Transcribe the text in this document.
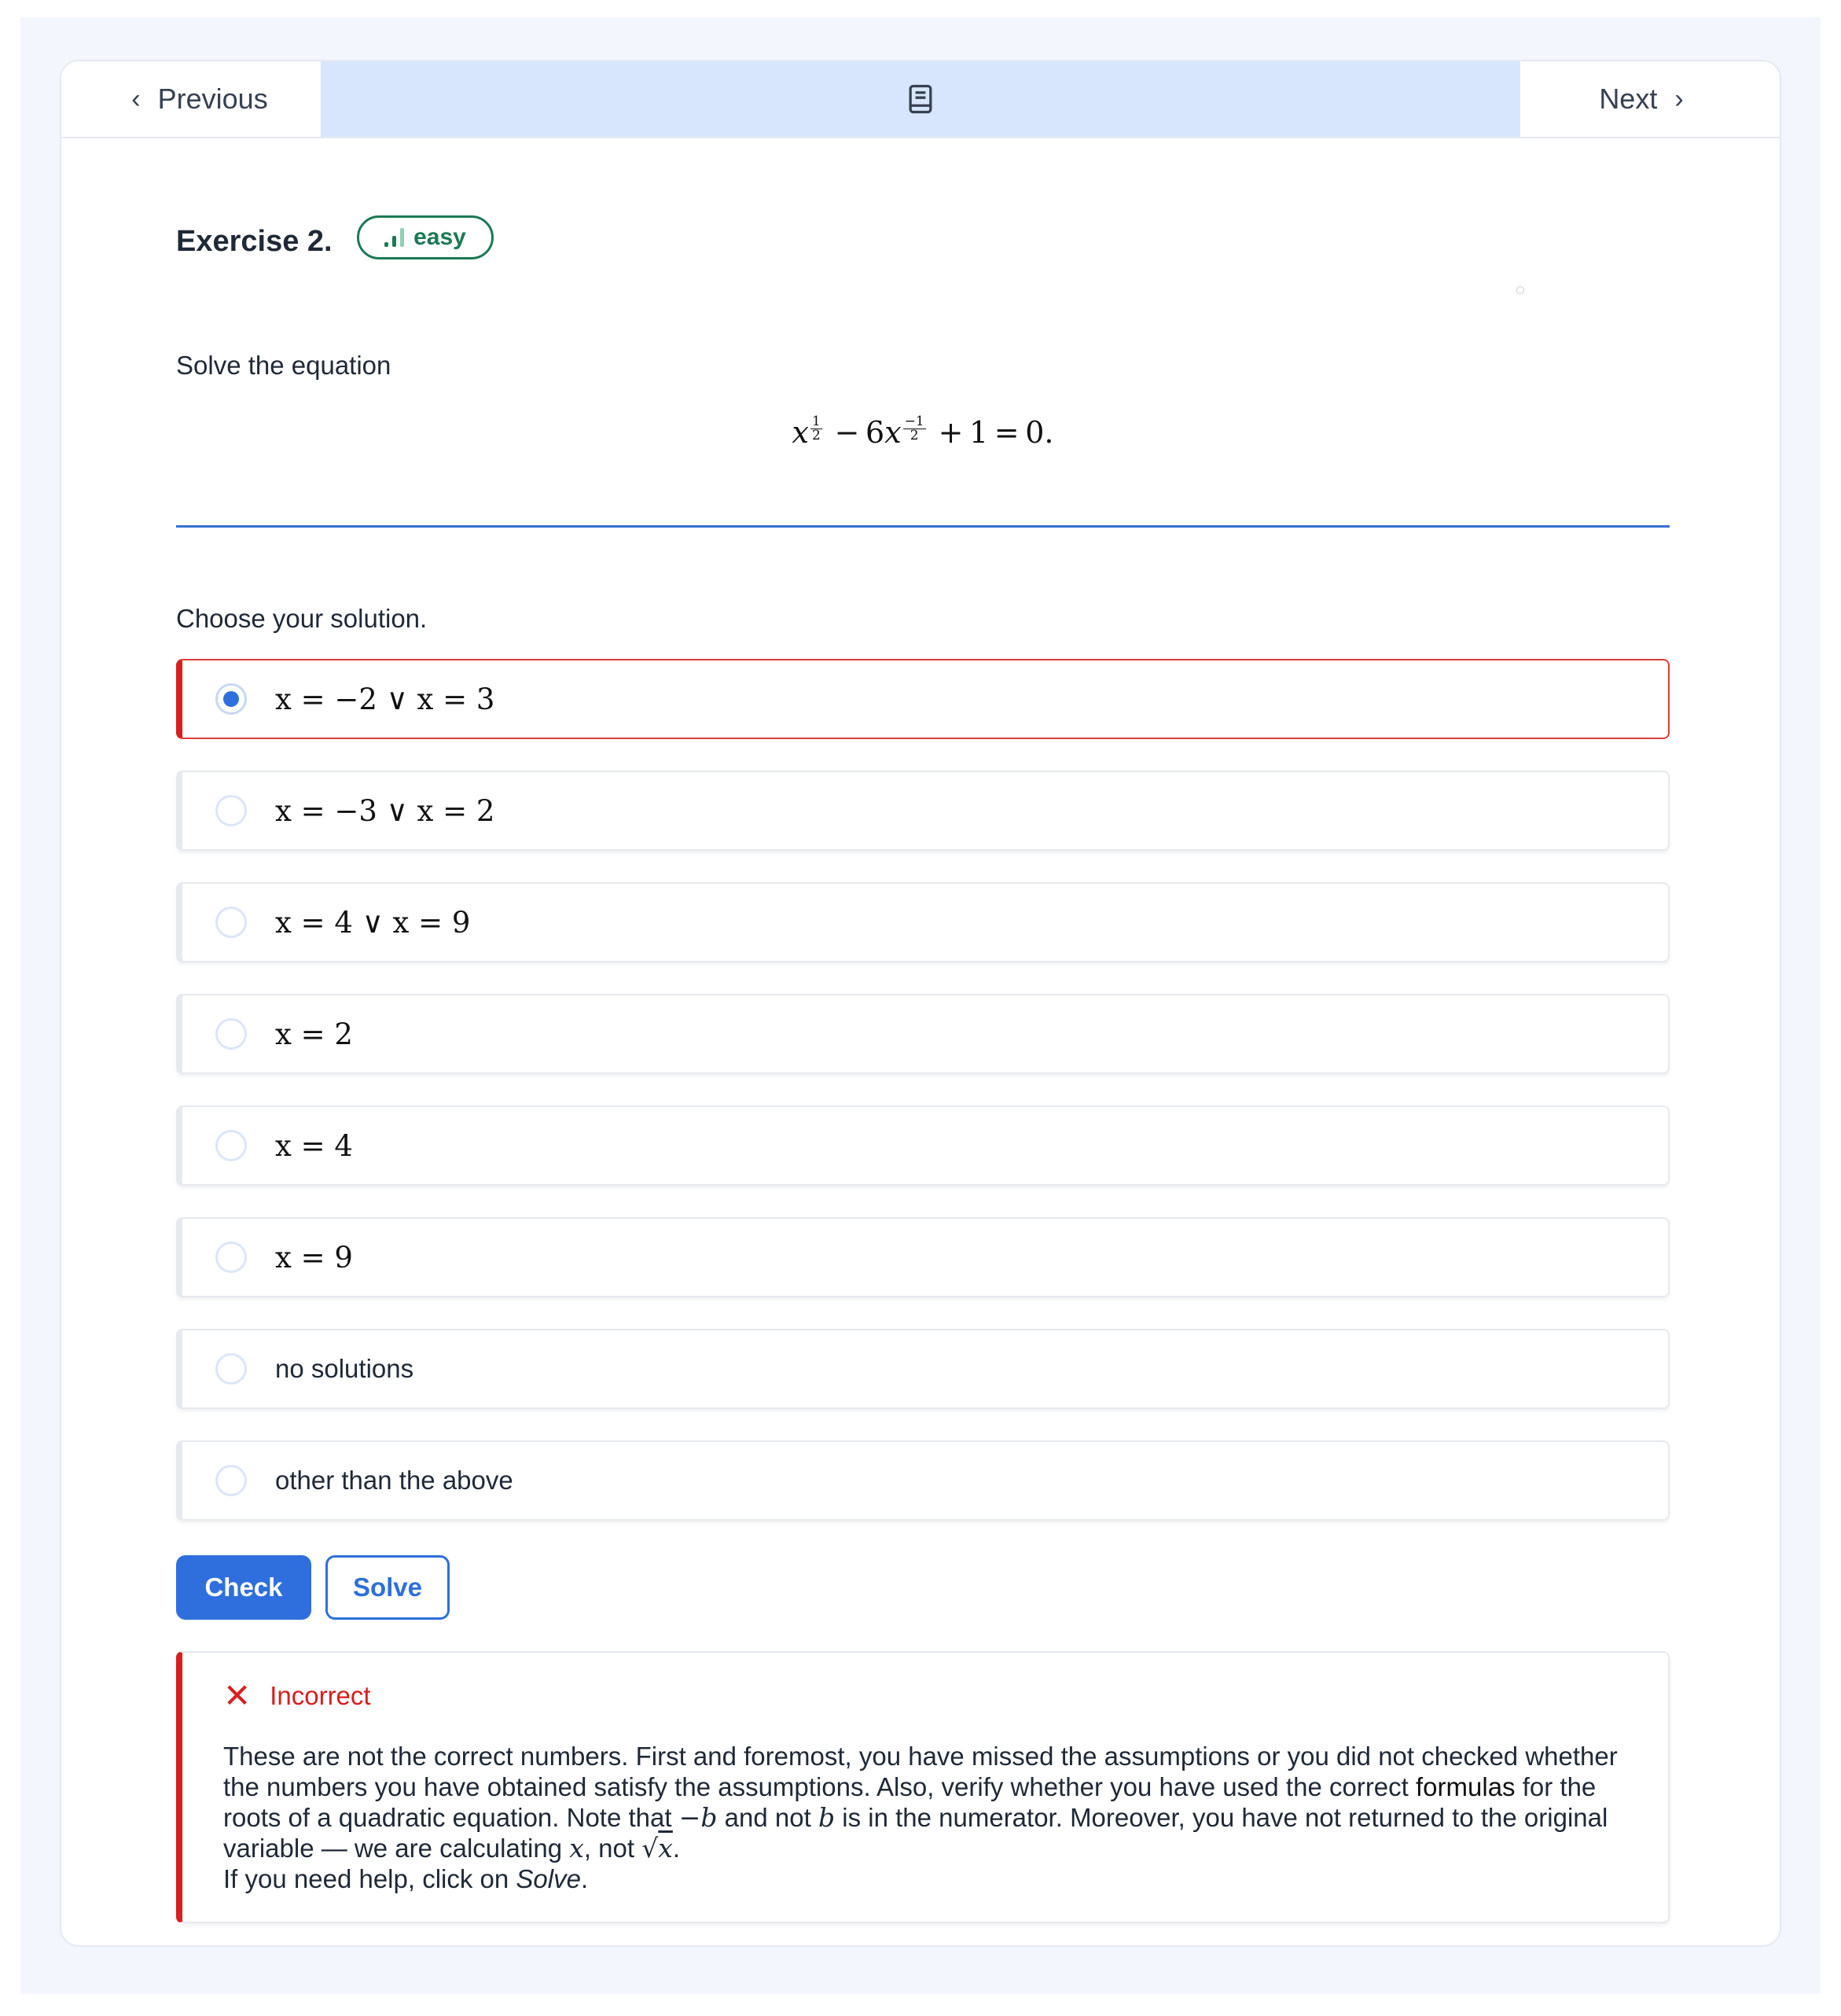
‹ Previous	Next ›
Exercise 2.	easy
Solve the equation
x $\frac{1}{2}$  − $6x \frac{-1}{2}$  + 1 = 0.
Choose your solution.
x = −2 ∨ x = 3
x = −3 ∨ x = 2
x = 4 ∨ x = 9
x = 2
x = 4
x = 9
no solutions
other than the above
Check	Solve
✕ Incorrect

These are not the correct numbers. First and foremost, you have missed the assumptions or you did not checked whether the numbers you have obtained satisfy the assumptions. Also, verify whether you have used the correct formulas for the roots of a quadratic equation. Note that −b and not b is in the numerator. Moreover, you have not returned to the original variable — we are calculating x, not √x.

If you need help, click on Solve.
